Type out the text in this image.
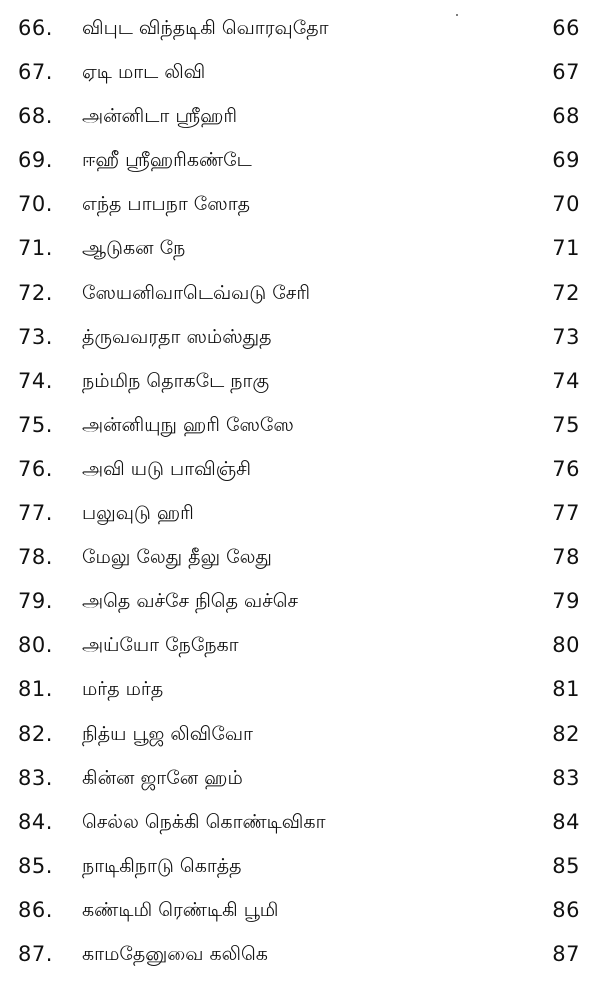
66. விபுட விந்தடிகி வொரவுதோ	66
67. ஏடி மாட லிவி	67
68. அன்னிடா ஶ்ரீஹரி	68
69. ஈஹீ ஶ்ரீஹரிகண்டே	69
70. எந்த பாபநா ஸோத	70
71. ஆடுகன நே	71
72. ஸேயனிவாடெவ்வடு சேரி	72
73. த்ருவவரதா ஸம்ஸ்துத	73
74. நம்மிந தொகடே நாகு	74
75. அன்னியுநு ஹரி ஸேஸே	75
76. அவி யடு பாவிஞ்சி	76
77. பலுவுடு ஹரி	77
78. மேலு லேது தீலு லேது	78
79. அதெ வச்சே நிதெ வச்செ	79
80. அய்யோ நேநேகா	80
81. மர்த மர்த	81
82. நித்ய பூஜ லிவிவோ	82
83. கின்ன ஜானே ஹம்	83
84. செல்ல நெக்கி கொண்டிவிகா	84
85. நாடிகிநாடு கொத்த	85
86. கண்டிமி ரெண்டிகி பூமி	86
87. காமதேனுவை கலிகெ	87
